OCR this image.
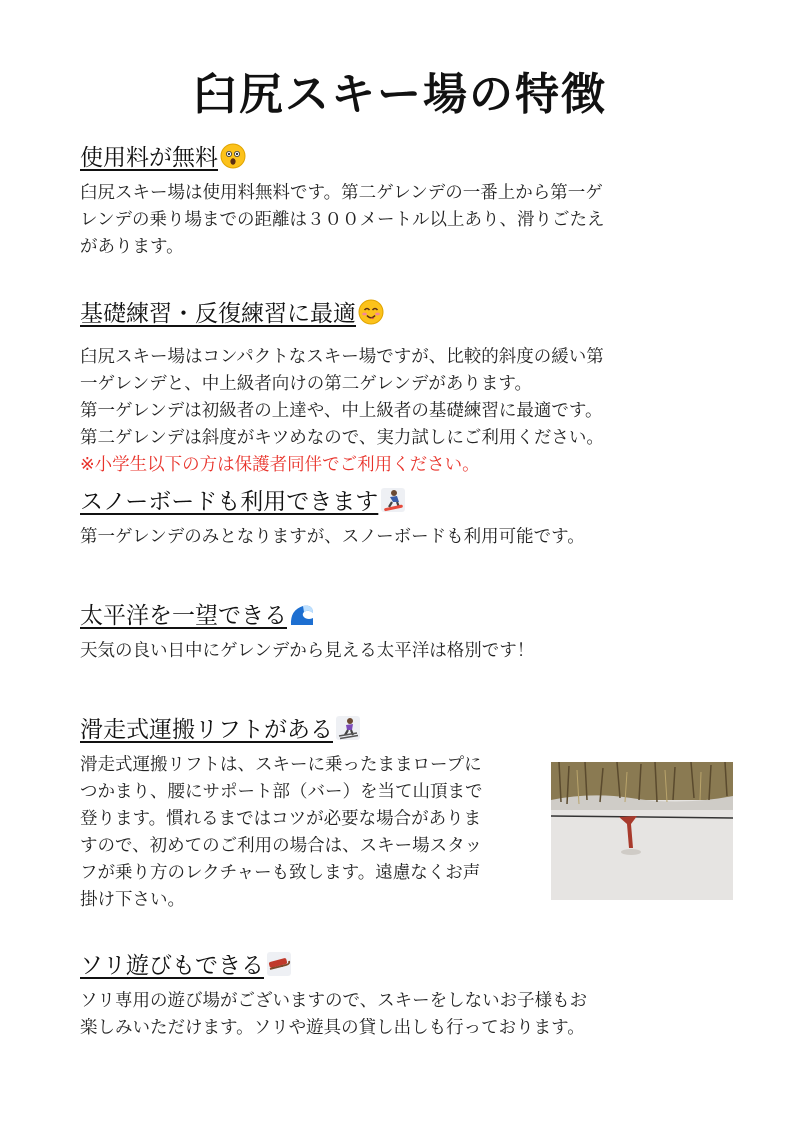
臼尻スキー場の特徴
使用料が無料
臼尻スキー場は使用料無料です。第二ゲレンデの一番上から第一ゲ
レンデの乗り場までの距離は３００メートル以上あり、滑りごたえ
があります。
基礎練習・反復練習に最適
臼尻スキー場はコンパクトなスキー場ですが、比較的斜度の緩い第
一ゲレンデと、中上級者向けの第二ゲレンデがあります。
第一ゲレンデは初級者の上達や、中上級者の基礎練習に最適です。
第二ゲレンデは斜度がキツめなので、実力試しにご利用ください。
※小学生以下の方は保護者同伴でご利用ください。
スノーボードも利用できます
第一ゲレンデのみとなりますが、スノーボードも利用可能です。
太平洋を一望できる
天気の良い日中にゲレンデから見える太平洋は格別です！
滑走式運搬リフトがある
滑走式運搬リフトは、スキーに乗ったままロープに
つかまり、腰にサポート部（バー）を当て山頂まで
登ります。慣れるまではコツが必要な場合がありま
すので、初めてのご利用の場合は、スキー場スタッ
フが乗り方のレクチャーも致します。遠慮なくお声
掛け下さい。
ソリ遊びもできる
ソリ専用の遊び場がございますので、スキーをしないお子様もお
楽しみいただけます。ソリや遊具の貸し出しも行っております。
